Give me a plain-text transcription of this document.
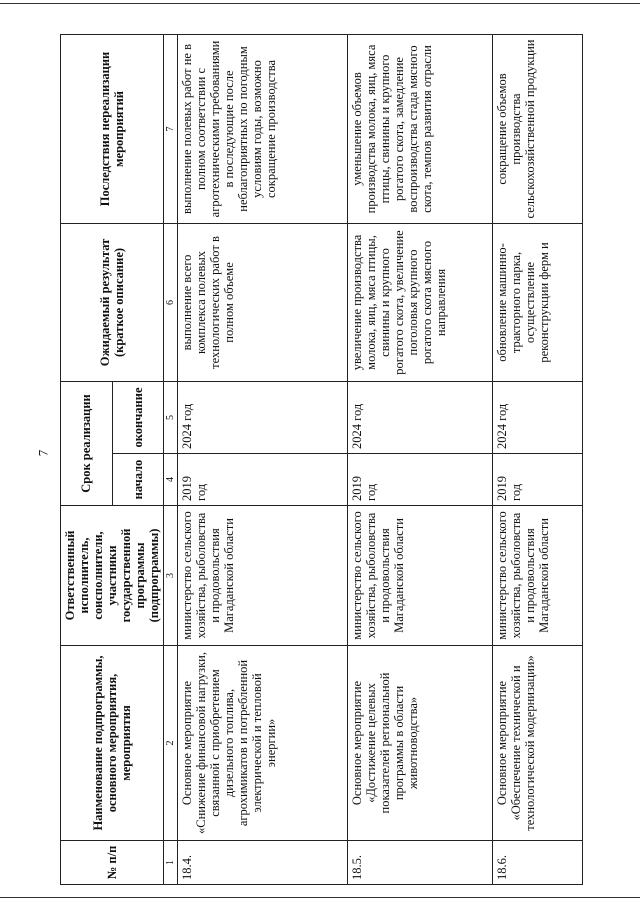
7
№ п/п	Наименование подпрограммы, основного мероприятия, мероприятия	Ответственный исполнитель, соисполнители, участники государственной программы (подпрограммы)	Срок реализации		Ожидаемый результат (краткое описание)	Последствия нереализации мероприятий
			начало	окончание		
1	2	3	4	5	6	7
18.4.	Основное мероприятие «Снижение финансовой нагрузки, связанной с приобретением дизельного топлива, агрохимикатов и потребленной электрической и тепловой энергии»	министерство сельского хозяйства, рыболовства и продовольствия Магаданской области	2019 год	2024 год	выполнение всего комплекса полевых технологических работ в полном объеме	выполнение полевых работ не в полном соответствии с агротехническими требованиями в последующие после неблагоприятных по погодным условиям годы, возможно сокращение производства
18.5.	Основное мероприятие «Достижение целевых показателей региональной программы в области животноводства»	министерство сельского хозяйства, рыболовства и продовольствия Магаданской области	2019 год	2024 год	увеличение производства молока, яиц, мяса птицы, свинины и крупного рогатого скота, увеличение поголовья крупного рогатого скота мясного направления	уменьшение объемов производства молока, яиц, мяса птицы, свинины и крупного рогатого скота, замедление воспроизводства стада мясного скота, темпов развития отрасли
18.6.	Основное мероприятие «Обеспечение технической и технологической модернизации»	министерство сельского хозяйства, рыболовства и продовольствия Магаданской области	2019 год	2024 год	обновление машинно-тракторного парка, осуществление реконструкции ферм и	сокращение объемов производства сельскохозяйственной продукции
